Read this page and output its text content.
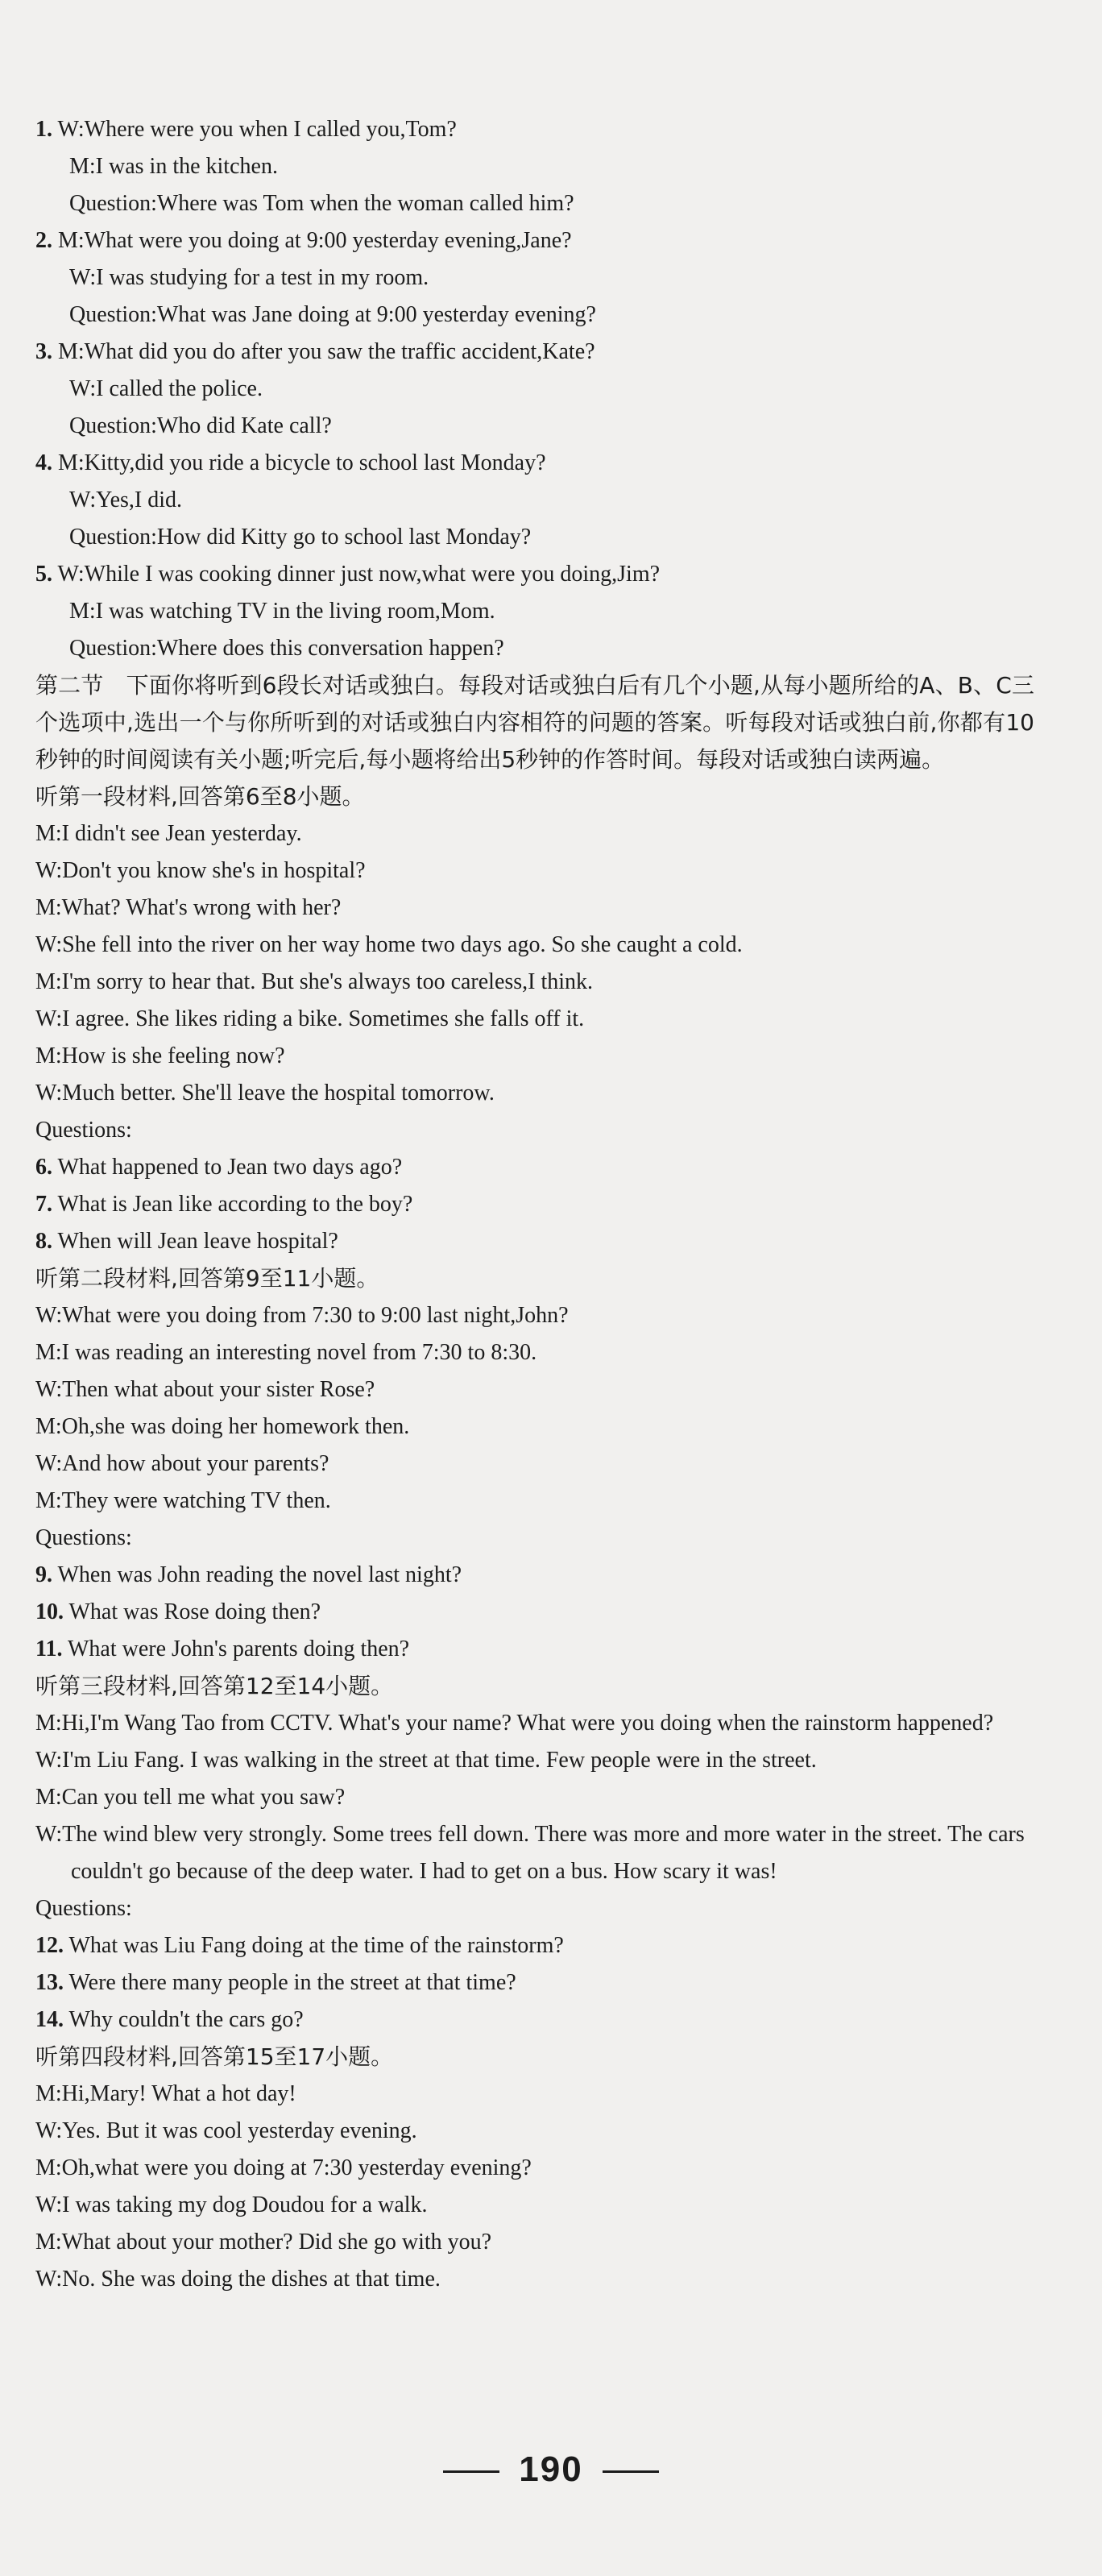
1. W:Where were you when I called you,Tom?
M:I was in the kitchen.
Question:Where was Tom when the woman called him?
2. M:What were you doing at 9:00 yesterday evening,Jane?
W:I was studying for a test in my room.
Question:What was Jane doing at 9:00 yesterday evening?
3. M:What did you do after you saw the traffic accident,Kate?
W:I called the police.
Question:Who did Kate call?
4. M:Kitty,did you ride a bicycle to school last Monday?
W:Yes,I did.
Question:How did Kitty go to school last Monday?
5. W:While I was cooking dinner just now,what were you doing,Jim?
M:I was watching TV in the living room,Mom.
Question:Where does this conversation happen?
第二节　下面你将听到6段长对话或独白。每段对话或独白后有几个小题,从每小题所给的A、B、C三个选项中,选出一个与你所听到的对话或独白内容相符的问题的答案。听每段对话或独白前,你都有10秒钟的时间阅读有关小题;听完后,每小题将给出5秒钟的作答时间。每段对话或独白读两遍。
听第一段材料,回答第6至8小题。
M:I didn't see Jean yesterday.
W:Don't you know she's in hospital?
M:What? What's wrong with her?
W:She fell into the river on her way home two days ago. So she caught a cold.
M:I'm sorry to hear that. But she's always too careless,I think.
W:I agree. She likes riding a bike. Sometimes she falls off it.
M:How is she feeling now?
W:Much better. She'll leave the hospital tomorrow.
Questions:
6. What happened to Jean two days ago?
7. What is Jean like according to the boy?
8. When will Jean leave hospital?
听第二段材料,回答第9至11小题。
W:What were you doing from 7:30 to 9:00 last night,John?
M:I was reading an interesting novel from 7:30 to 8:30.
W:Then what about your sister Rose?
M:Oh,she was doing her homework then.
W:And how about your parents?
M:They were watching TV then.
Questions:
9. When was John reading the novel last night?
10. What was Rose doing then?
11. What were John's parents doing then?
听第三段材料,回答第12至14小题。
M:Hi,I'm Wang Tao from CCTV. What's your name? What were you doing when the rainstorm happened?
W:I'm Liu Fang. I was walking in the street at that time. Few people were in the street.
M:Can you tell me what you saw?
W:The wind blew very strongly. Some trees fell down. There was more and more water in the street. The cars couldn't go because of the deep water. I had to get on a bus. How scary it was!
Questions:
12. What was Liu Fang doing at the time of the rainstorm?
13. Were there many people in the street at that time?
14. Why couldn't the cars go?
听第四段材料,回答第15至17小题。
M:Hi,Mary! What a hot day!
W:Yes. But it was cool yesterday evening.
M:Oh,what were you doing at 7:30 yesterday evening?
W:I was taking my dog Doudou for a walk.
M:What about your mother? Did she go with you?
W:No. She was doing the dishes at that time.
190
